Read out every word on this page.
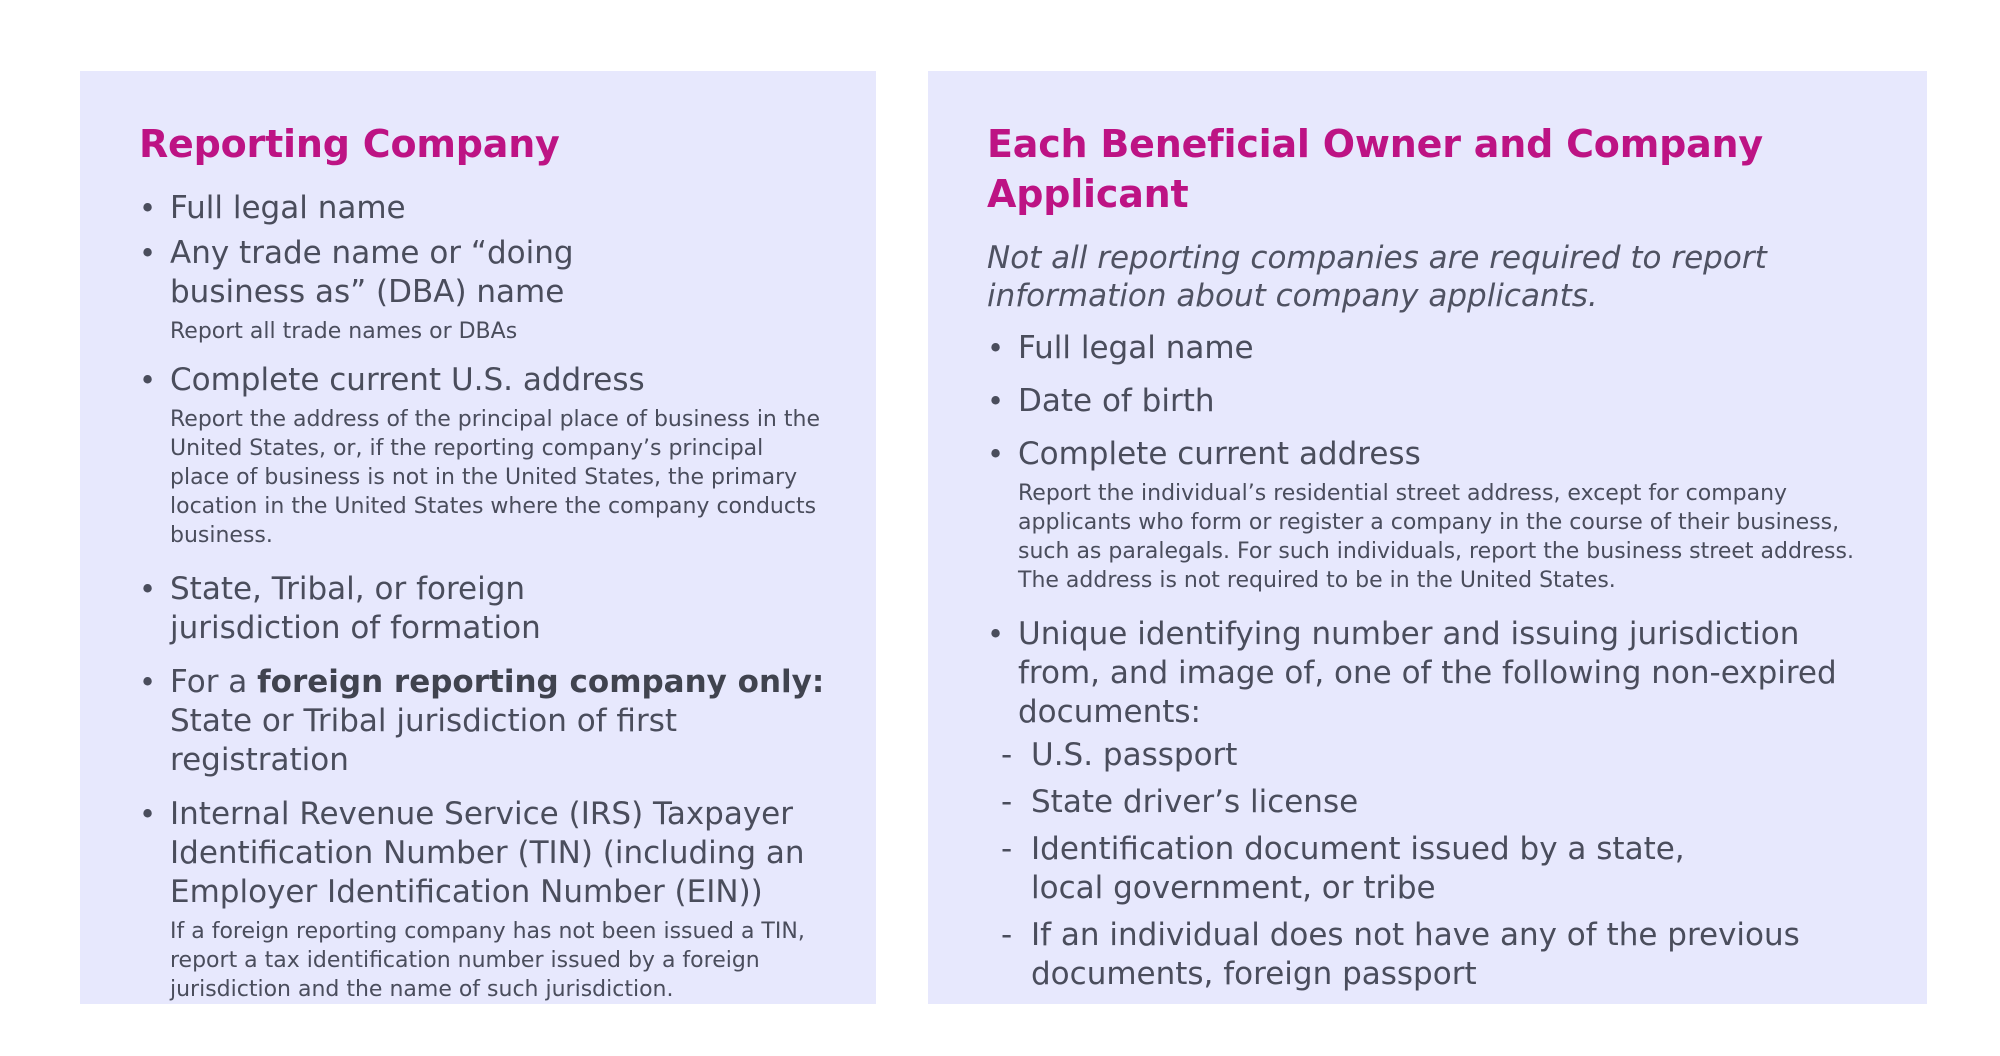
Reporting Company
• Full legal name
• Any trade name or “doing business as” (DBA) name
Report all trade names or DBAs
• Complete current U.S. address
Report the address of the principal place of business in the United States, or, if the reporting company’s principal place of business is not in the United States, the primary location in the United States where the company conducts business.
• State, Tribal, or foreign jurisdiction of formation
• For a foreign reporting company only:
State or Tribal jurisdiction of first registration
• Internal Revenue Service (IRS) Taxpayer Identification Number (TIN) (including an Employer Identification Number (EIN))
If a foreign reporting company has not been issued a TIN, report a tax identification number issued by a foreign jurisdiction and the name of such jurisdiction.
Each Beneficial Owner and Company Applicant

Not all reporting companies are required to report information about company applicants.

• Full legal name
• Date of birth
• Complete current address
Report the individual’s residential street address, except for company applicants who form or register a company in the course of their business, such as paralegals. For such individuals, report the business street address. The address is not required to be in the United States.
• Unique identifying number and issuing jurisdiction from, and image of, one of the following non-expired documents:
- U.S. passport
- State driver’s license
- Identification document issued by a state, local government, or tribe
- If an individual does not have any of the previous documents, foreign passport
